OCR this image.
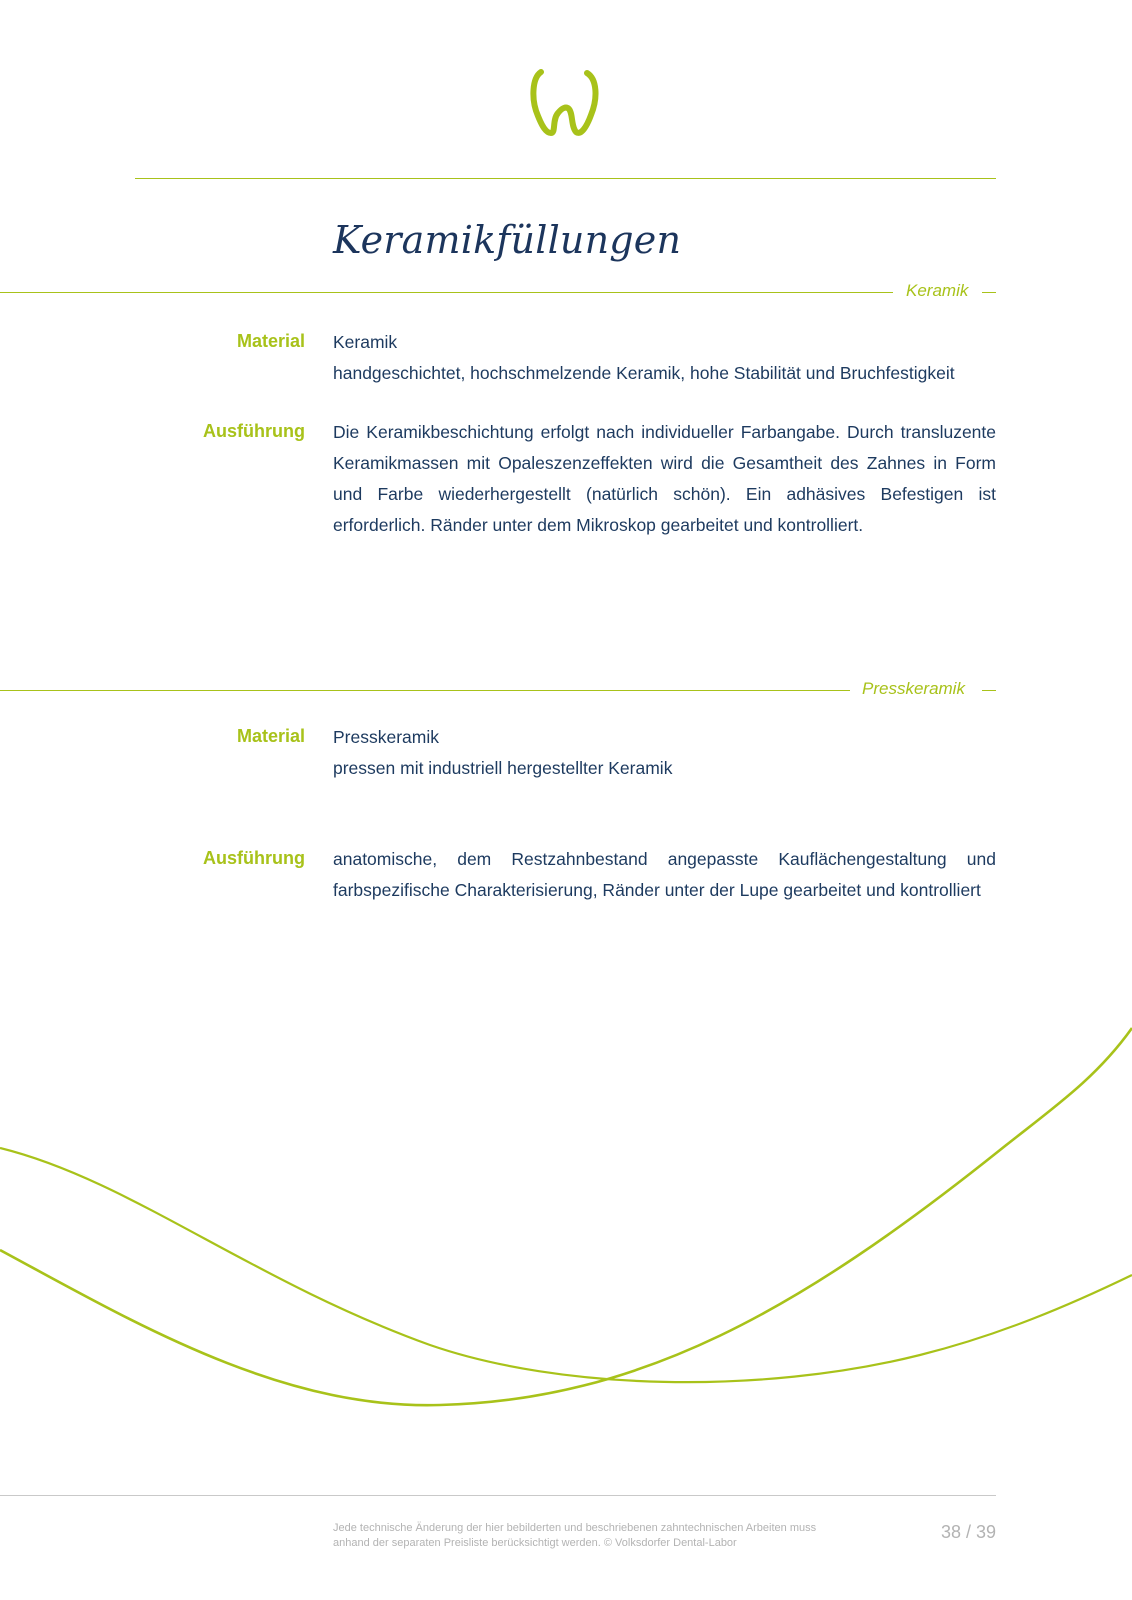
Keramikfüllungen
Keramik
Material Keramik

handgeschichtet, hochschmelzende Keramik, hohe Stabilität und Bruchfestigkeit

Ausführung Die Keramikbeschichtung erfolgt nach individueller Farbangabe. Durch transluzente Keramikmassen mit Opaleszenzeffekten wird die Gesamtheit des Zahnes in Form und Farbe wiederhergestellt (natürlich schön). Ein adhäsives Befestigen ist erforderlich. Ränder unter dem Mikroskop gearbeitet und kontrolliert.

Presskeramik
Material Presskeramik

pressen mit industriell hergestellter Keramik

Ausführung anatomische, dem Restzahnbestand angepasste Kauflächengestaltung und farbspezifische Charakterisierung, Ränder unter der Lupe gearbeitet und kontrolliert

Jede technische Änderung der hier bebilderten und beschriebenen zahntechnischen Arbeiten muss

anhand der separaten Preisliste berücksichtigt werden. © Volksdorfer Dental-Labor

38 / 39
